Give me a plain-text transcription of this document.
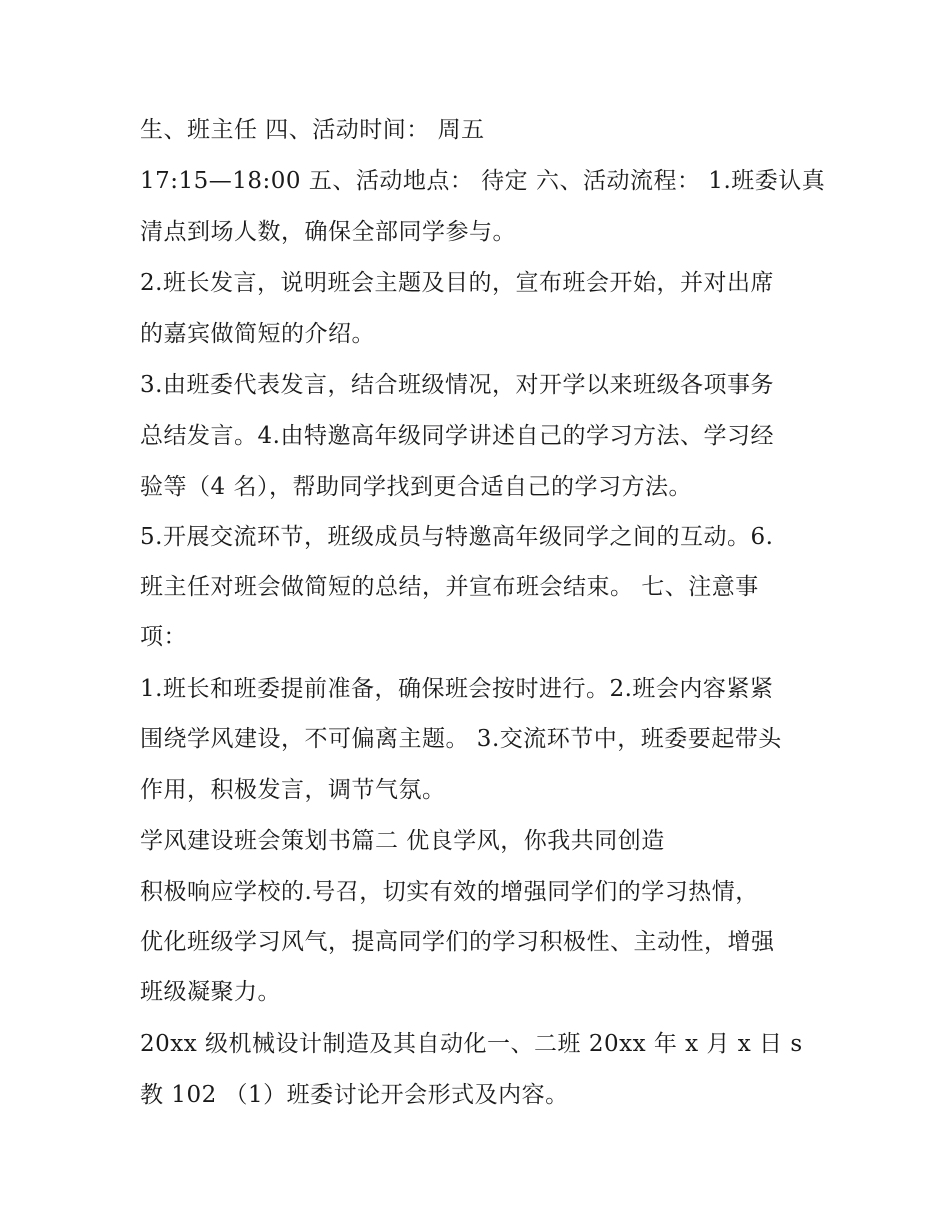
生、班主任 四、活动时间： 周五
17:15—18:00 五、活动地点： 待定 六、活动流程： 1.班委认真
清点到场人数，确保全部同学参与。
2.班长发言，说明班会主题及目的，宣布班会开始，并对出席
的嘉宾做简短的介绍。
3.由班委代表发言，结合班级情况，对开学以来班级各项事务
总结发言。4.由特邀高年级同学讲述自己的学习方法、学习经
验等（4 名），帮助同学找到更合适自己的学习方法。
5.开展交流环节，班级成员与特邀高年级同学之间的互动。6.
班主任对班会做简短的总结，并宣布班会结束。 七、注意事
项：
1.班长和班委提前准备，确保班会按时进行。2.班会内容紧紧
围绕学风建设，不可偏离主题。 3.交流环节中，班委要起带头
作用，积极发言，调节气氛。
学风建设班会策划书篇二 优良学风，你我共同创造
积极响应学校的.号召，切实有效的增强同学们的学习热情，
优化班级学习风气，提高同学们的学习积极性、主动性，增强
班级凝聚力。
20xx 级机械设计制造及其自动化一、二班 20xx 年 x 月 x 日 s
教 102 （1）班委讨论开会形式及内容。
